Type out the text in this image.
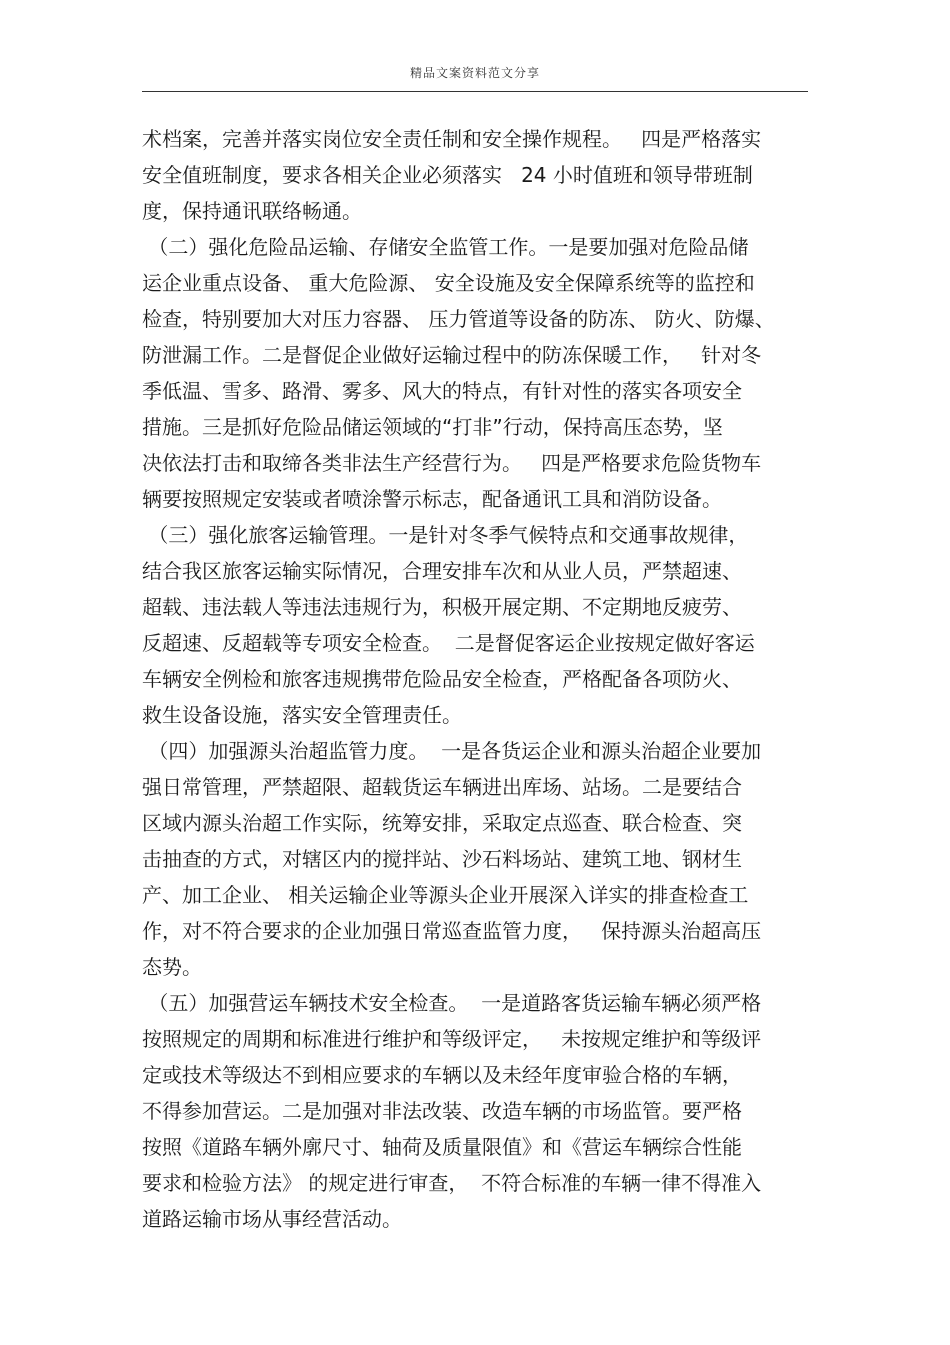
精品文案资料范文分享
术档案，完善并落实岗位安全责任制和安全操作规程。   四是严格落实
安全值班制度，要求各相关企业必须落实   24 小时值班和领导带班制
度，保持通讯联络畅通。
（二）强化危险品运输、存储安全监管工作。一是要加强对危险品储
运企业重点设备、 重大危险源、 安全设施及安全保障系统等的监控和
检查，特别要加大对压力容器、 压力管道等设备的防冻、 防火、防爆、
防泄漏工作。二是督促企业做好运输过程中的防冻保暖工作，   针对冬
季低温、雪多、路滑、雾多、风大的特点，有针对性的落实各项安全
措施。三是抓好危险品储运领域的“打非”行动，保持高压态势，坚
决依法打击和取缔各类非法生产经营行为。   四是严格要求危险货物车
辆要按照规定安装或者喷涂警示标志，配备通讯工具和消防设备。
（三）强化旅客运输管理。一是针对冬季气候特点和交通事故规律，
结合我区旅客运输实际情况，合理安排车次和从业人员，严禁超速、
超载、违法载人等违法违规行为，积极开展定期、不定期地反疲劳、
反超速、反超载等专项安全检查。  二是督促客运企业按规定做好客运
车辆安全例检和旅客违规携带危险品安全检查，严格配备各项防火、
救生设备设施，落实安全管理责任。
（四）加强源头治超监管力度。  一是各货运企业和源头治超企业要加
强日常管理，严禁超限、超载货运车辆进出库场、站场。二是要结合
区域内源头治超工作实际，统筹安排，采取定点巡查、联合检查、突
击抽查的方式，对辖区内的搅拌站、沙石料场站、建筑工地、钢材生
产、加工企业、 相关运输企业等源头企业开展深入详实的排查检查工
作，对不符合要求的企业加强日常巡查监管力度，   保持源头治超高压
态势。
（五）加强营运车辆技术安全检查。  一是道路客货运输车辆必须严格
按照规定的周期和标准进行维护和等级评定，   未按规定维护和等级评
定或技术等级达不到相应要求的车辆以及未经年度审验合格的车辆，
不得参加营运。二是加强对非法改装、改造车辆的市场监管。要严格
按照《道路车辆外廓尺寸、轴荷及质量限值》和《营运车辆综合性能
要求和检验方法》 的规定进行审查，  不符合标准的车辆一律不得准入
道路运输市场从事经营活动。
